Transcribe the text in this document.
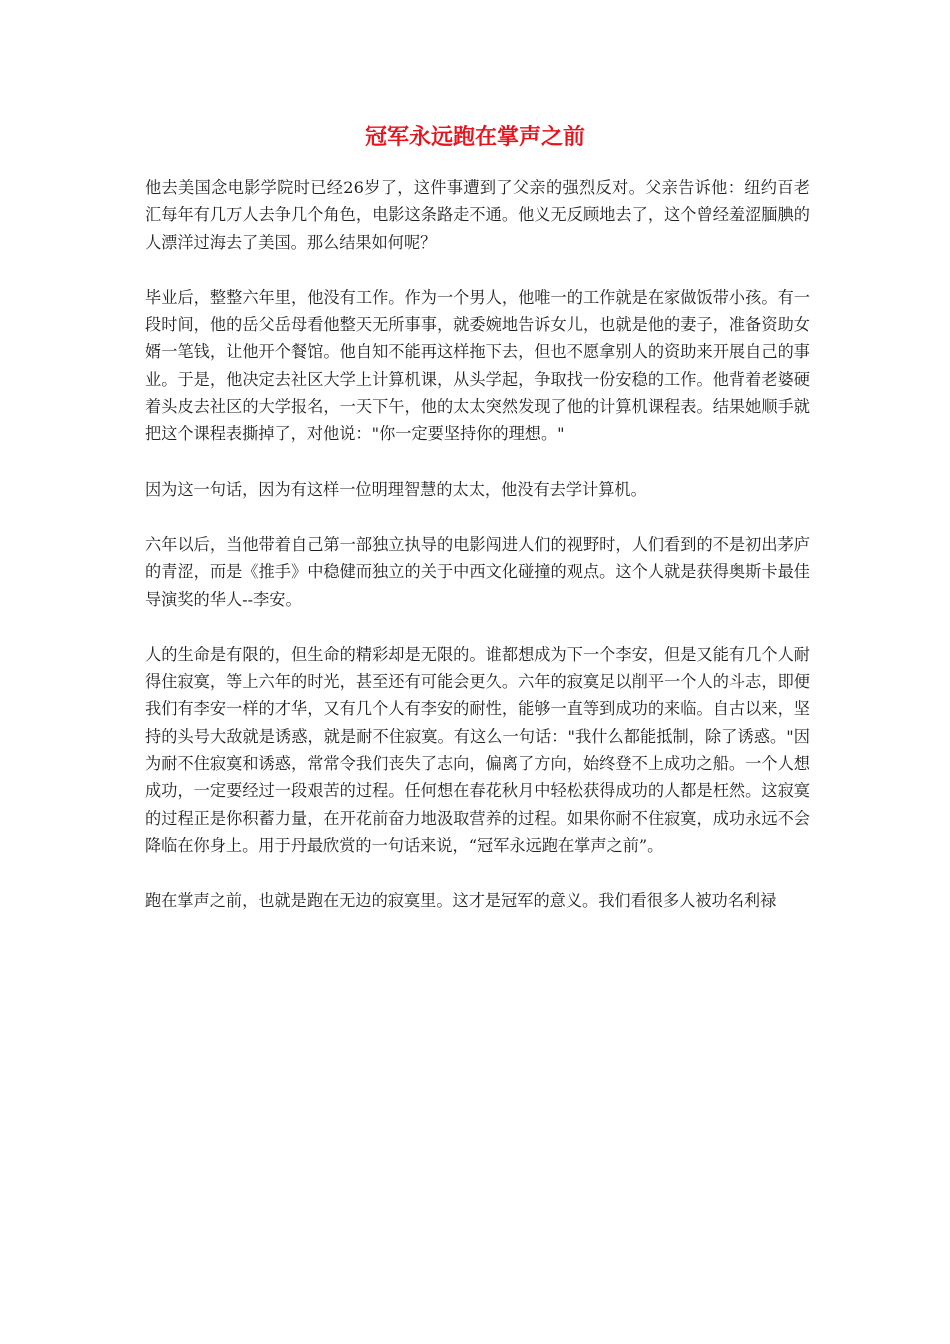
冠军永远跑在掌声之前

他去美国念电影学院时已经26岁了，这件事遭到了父亲的强烈反对。父亲告诉他：纽约百老汇每年有几万人去争几个角色，电影这条路走不通。他义无反顾地去了，这个曾经羞涩腼腆的人漂洋过海去了美国。那么结果如何呢？

毕业后，整整六年里，他没有工作。作为一个男人，他唯一的工作就是在家做饭带小孩。有一段时间，他的岳父岳母看他整天无所事事，就委婉地告诉女儿，也就是他的妻子，准备资助女婿一笔钱，让他开个餐馆。他自知不能再这样拖下去，但也不愿拿别人的资助来开展自己的事业。于是，他决定去社区大学上计算机课，从头学起，争取找一份安稳的工作。他背着老婆硬着头皮去社区的大学报名，一天下午，他的太太突然发现了他的计算机课程表。结果她顺手就把这个课程表撕掉了，对他说："你一定要坚持你的理想。"

因为这一句话，因为有这样一位明理智慧的太太，他没有去学计算机。

六年以后，当他带着自己第一部独立执导的电影闯进人们的视野时，人们看到的不是初出茅庐的青涩，而是《推手》中稳健而独立的关于中西文化碰撞的观点。这个人就是获得奥斯卡最佳导演奖的华人--李安。

人的生命是有限的，但生命的精彩却是无限的。谁都想成为下一个李安，但是又能有几个人耐得住寂寞，等上六年的时光，甚至还有可能会更久。六年的寂寞足以削平一个人的斗志，即便我们有李安一样的才华，又有几个人有李安的耐性，能够一直等到成功的来临。自古以来，坚持的头号大敌就是诱惑，就是耐不住寂寞。有这么一句话："我什么都能抵制，除了诱惑。"因为耐不住寂寞和诱惑，常常令我们丧失了志向，偏离了方向，始终登不上成功之船。一个人想成功，一定要经过一段艰苦的过程。任何想在春花秋月中轻松获得成功的人都是枉然。这寂寞的过程正是你积蓄力量，在开花前奋力地汲取营养的过程。如果你耐不住寂寞，成功永远不会降临在你身上。用于丹最欣赏的一句话来说，“冠军永远跑在掌声之前”。

跑在掌声之前，也就是跑在无边的寂寞里。这才是冠军的意义。我们看很多人被功名利禄
